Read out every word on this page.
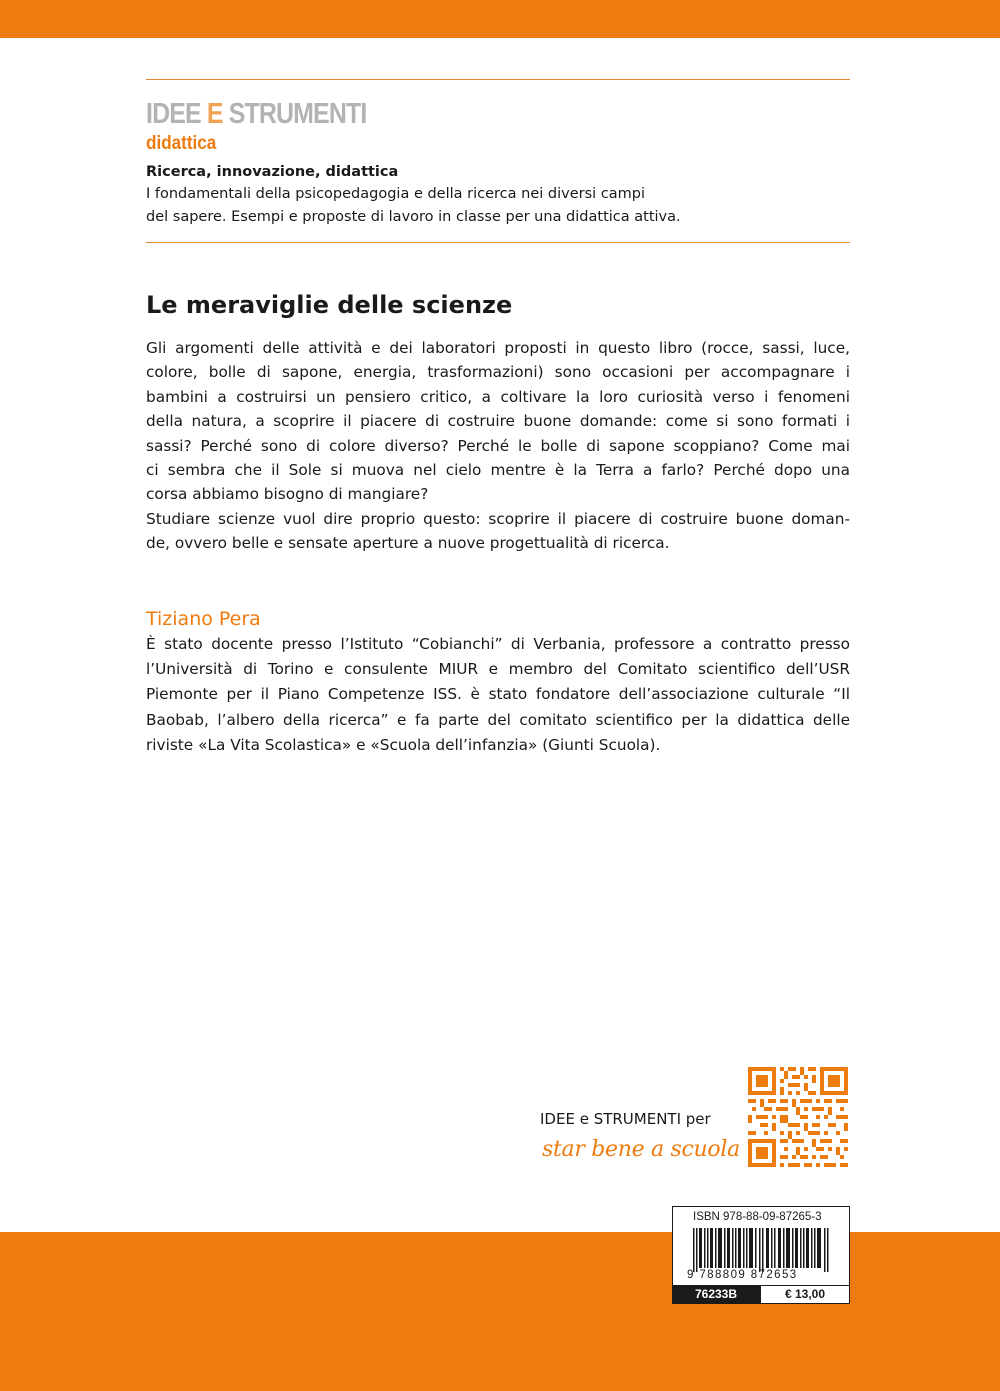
IDEE E STRUMENTI
didattica
Ricerca, innovazione, didattica
I fondamentali della psicopedagogia e della ricerca nei diversi campi
del sapere. Esempi e proposte di lavoro in classe per una didattica attiva.
Le meraviglie delle scienze
Gli argomenti delle attività e dei laboratori proposti in questo libro (rocce, sassi, luce,
colore, bolle di sapone, energia, trasformazioni) sono occasioni per accompagnare i
bambini a costruirsi un pensiero critico, a coltivare la loro curiosità verso i fenomeni
della natura, a scoprire il piacere di costruire buone domande: come si sono formati i
sassi? Perché sono di colore diverso? Perché le bolle di sapone scoppiano? Come mai
ci sembra che il Sole si muova nel cielo mentre è la Terra a farlo? Perché dopo una
corsa abbiamo bisogno di mangiare?
Studiare scienze vuol dire proprio questo: scoprire il piacere di costruire buone doman-
de, ovvero belle e sensate aperture a nuove progettualità di ricerca.
Tiziano Pera
È stato docente presso l’Istituto “Cobianchi” di Verbania, professore a contratto presso
l’Università di Torino e consulente MIUR e membro del Comitato scientifico dell’USR
Piemonte per il Piano Competenze ISS. è stato fondatore dell’associazione culturale “Il
Baobab, l’albero della ricerca” e fa parte del comitato scientifico per la didattica delle
riviste «La Vita Scolastica» e «Scuola dell’infanzia» (Giunti Scuola).
IDEE e STRUMENTI per
star bene a scuola
ISBN 978-88-09-87265-3
9 788809 872653
76233B	€ 13,00
